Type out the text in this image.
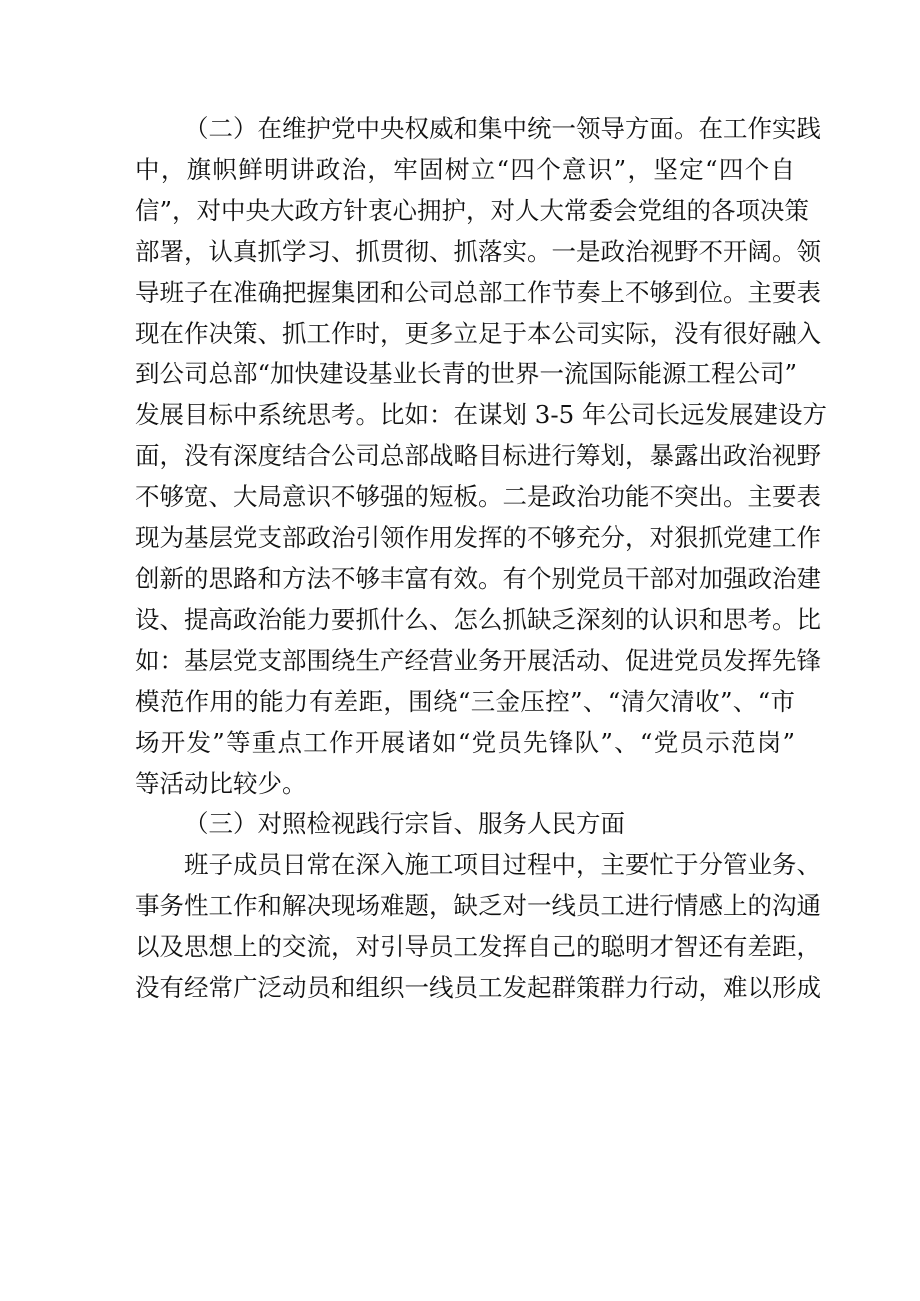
（二）在维护党中央权威和集中统一领导方面。在工作实践
中，旗帜鲜明讲政治，牢固树立“四个意识”，坚定“四个自
信”，对中央大政方针衷心拥护，对人大常委会党组的各项决策
部署，认真抓学习、抓贯彻、抓落实。一是政治视野不开阔。领
导班子在准确把握集团和公司总部工作节奏上不够到位。主要表
现在作决策、抓工作时，更多立足于本公司实际，没有很好融入
到公司总部“加快建设基业长青的世界一流国际能源工程公司”
发展目标中系统思考。比如：在谋划 3-5 年公司长远发展建设方
面，没有深度结合公司总部战略目标进行筹划，暴露出政治视野
不够宽、大局意识不够强的短板。二是政治功能不突出。主要表
现为基层党支部政治引领作用发挥的不够充分，对狠抓党建工作
创新的思路和方法不够丰富有效。有个别党员干部对加强政治建
设、提高政治能力要抓什么、怎么抓缺乏深刻的认识和思考。比
如：基层党支部围绕生产经营业务开展活动、促进党员发挥先锋
模范作用的能力有差距，围绕“三金压控”、“清欠清收”、“市
场开发”等重点工作开展诸如“党员先锋队”、“党员示范岗”
等活动比较少。
（三）对照检视践行宗旨、服务人民方面
班子成员日常在深入施工项目过程中，主要忙于分管业务、
事务性工作和解决现场难题，缺乏对一线员工进行情感上的沟通
以及思想上的交流，对引导员工发挥自己的聪明才智还有差距，
没有经常广泛动员和组织一线员工发起群策群力行动，难以形成
